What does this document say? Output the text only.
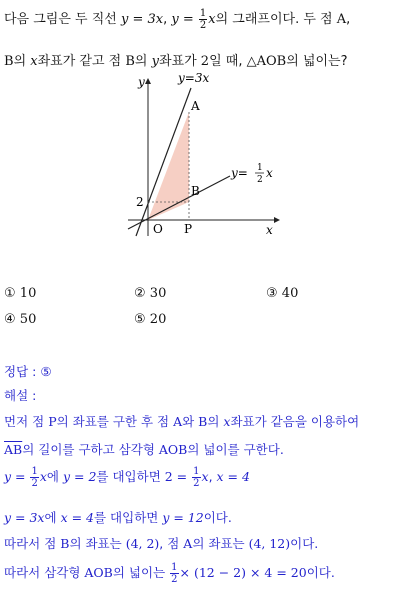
다음 그림은 두 직선 y = 3x, $y = \frac{1}{2}$ x의 그래프이다. 두 점 A,
B의 x좌표가 같고 점 B의 y좌표가 2일 때, △AOB의 넓이는?
y
x
O P
A
B
2
y=3x
y= 1
2 x
① 10	② 30	③ 40
④ 50	⑤ 20
정답 : ⑤
해설 :
먼저 점 P의 좌표를 구한 후 점 A와 B의 x좌표가 같음을 이용하여
$\overline{AB}$의 길이를 구하고 삼각형 AOB의 넓이를 구한다.
$y = \frac{1}{2}$ x에 y = 2를 대입하면 $2 = \frac{1}{2} x$, x = 4
y = 3x에 x = 4를 대입하면 y = 12이다.
따라서 점 B의 좌표는 (4, 2), 점 A의 좌표는 (4, 12)이다.
따라서 삼각형 AOB의 넓이는 $\frac{1}{2} \times (12 - 2) \times 4 = 20$이다.
